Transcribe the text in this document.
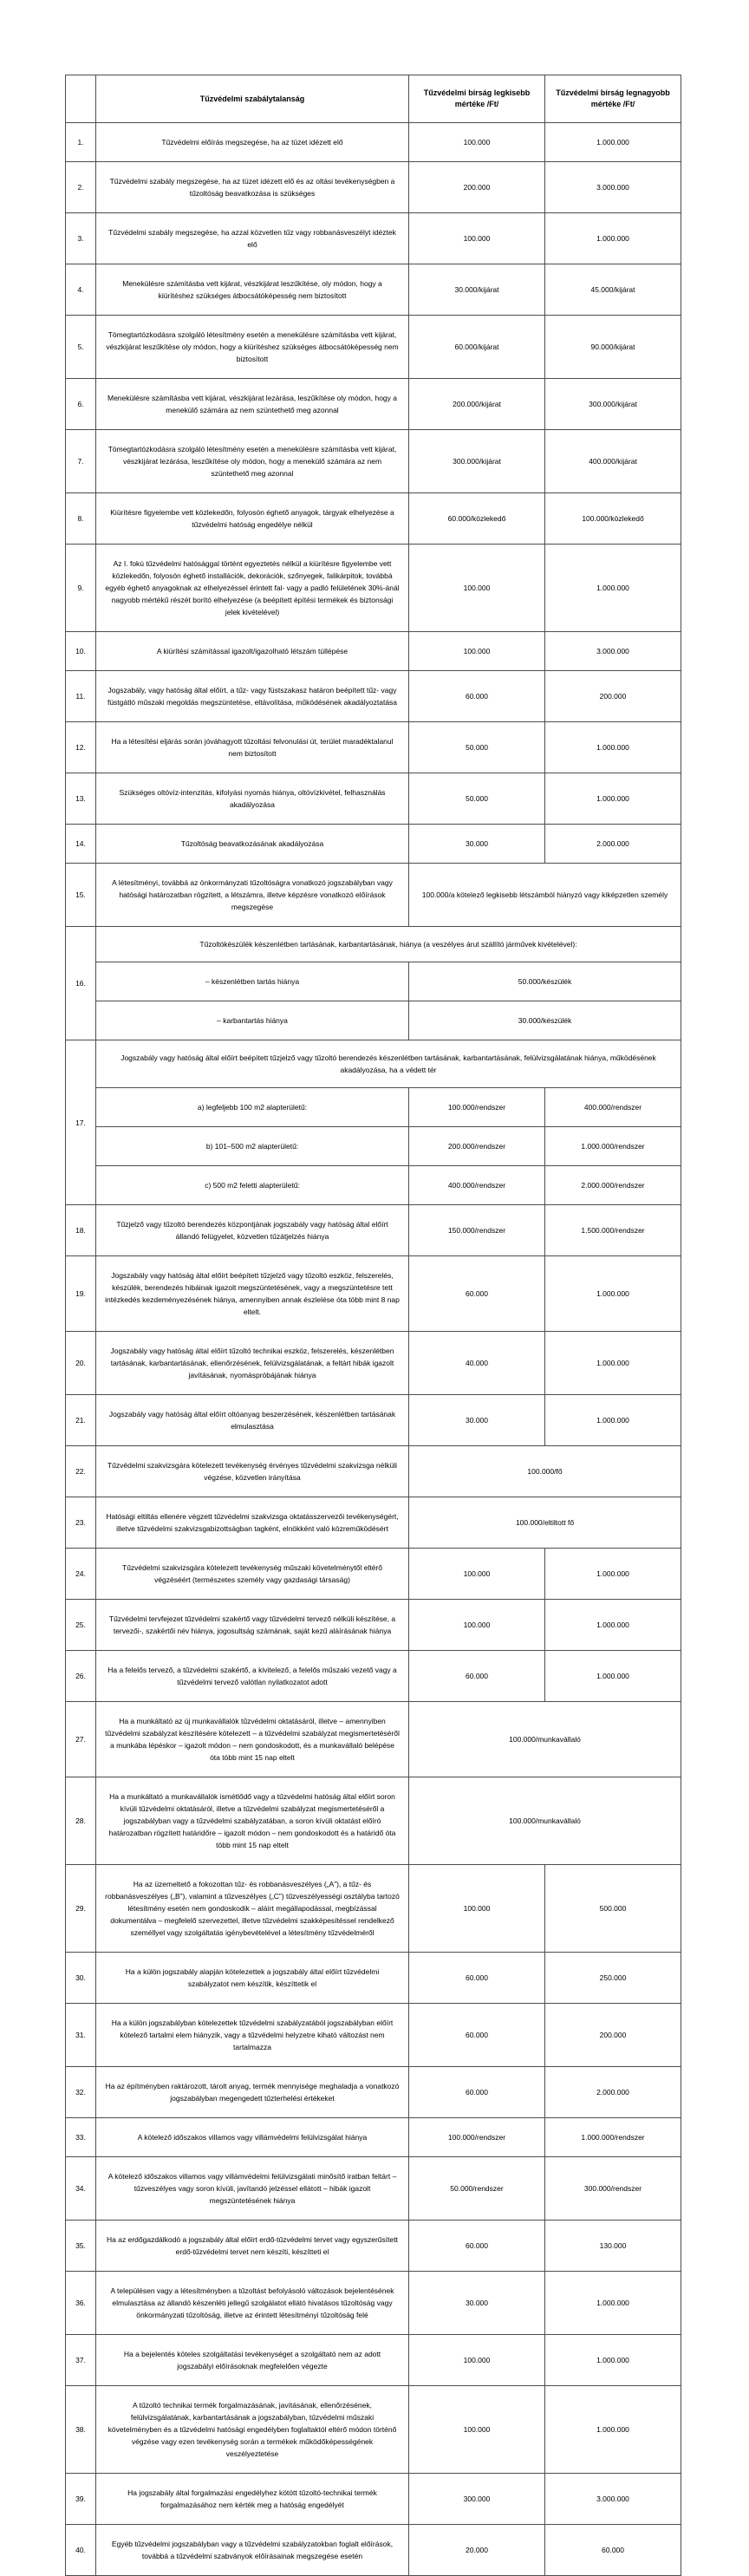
	Tűzvédelmi szabálytalanság	Tűzvédelmi bírság legkisebb mértéke /Ft/	Tűzvédelmi bírság legnagyobb mértéke /Ft/
1.	Tűzvédelmi előírás megszegése, ha az tüzet idézett elő	100.000	1.000.000
2.	Tűzvédelmi szabály megszegése, ha az tüzet idézett elő és az oltási tevékenységben a tűzoltóság beavatkozása is szükséges	200.000	3.000.000
3.	Tűzvédelmi szabály megszegése, ha azzal közvetlen tűz vagy robbanásveszélyt idéztek elő	100.000	1.000.000
4.	Menekülésre számításba vett kijárat, vészkijárat leszűkítése, oly módon, hogy a kiürítéshez szükséges átbocsátóképesség nem biztosított	30.000/kijárat	45.000/kijárat
5.	Tömegtartózkodásra szolgáló létesítmény esetén a menekülésre számításba vett kijárat, vészkijárat leszűkítése oly módon, hogy a kiürítéshez szükséges átbocsátóképesség nem biztosított	60.000/kijárat	90.000/kijárat
6.	Menekülésre számításba vett kijárat, vészkijárat lezárása, leszűkítése oly módon, hogy a menekülő számára az nem szüntethető meg azonnal	200.000/kijárat	300.000/kijárat
7.	Tömegtartózkodásra szolgáló létesítmény esetén a menekülésre számításba vett kijárat, vészkijárat lezárása, leszűkítése oly módon, hogy a menekülő számára az nem szüntethető meg azonnal	300.000/kijárat	400.000/kijárat
8.	Kiürítésre figyelembe vett közlekedőn, folyosón éghető anyagok, tárgyak elhelyezése a tűzvédelmi hatóság engedélye nélkül	60.000/közlekedő	100.000/közlekedő
9.	Az I. fokú tűzvédelmi hatósággal történt egyeztetés nélkül a kiürítésre figyelembe vett közlekedőn, folyosón éghető installációk, dekorációk, szőnyegek, falikárpitok, továbbá egyéb éghető anyagoknak az elhelyezéssel érintett fal- vagy a padló felületének 30%-ánál nagyobb mértékű részét borító elhelyezése (a beépített építési termékek és biztonsági jelek kivételével)	100.000	1.000.000
10.	A kiürítési számítással igazolt/igazolható létszám túllépése	100.000	3.000.000
11.	Jogszabály, vagy hatóság által előírt, a tűz- vagy füstszakasz határon beépített tűz- vagy füstgátló műszaki megoldás megszüntetése, eltávolítása, működésének akadályoztatása	60.000	200.000
12.	Ha a létesítési eljárás során jóváhagyott tűzoltási felvonulási út, terület maradéktalanul nem biztosított	50.000	1.000.000
13.	Szükséges oltóvíz-intenzitás, kifolyási nyomás hiánya, oltóvízkivétel, felhasználás akadályozása	50.000	1.000.000
14.	Tűzoltóság beavatkozásának akadályozása	30.000	2.000.000
15.	A létesítményi, továbbá az önkormányzati tűzoltóságra vonatkozó jogszabályban vagy hatósági határozatban rögzített, a létszámra, illetve képzésre vonatkozó előírások megszegése	100.000/a kötelező legkisebb létszámból hiányzó vagy kiképzetlen személy	
16.	Tűzoltókészülék készenlétben tartásának, karbantartásának, hiánya (a veszélyes árut szállító járművek kivételével):		
	– készenlétben tartás hiánya	50.000/készülék	
	– karbantartás hiánya	30.000/készülék	
17.	Jogszabály vagy hatóság által előírt beépített tűzjelző vagy tűzoltó berendezés készenlétben tartásának, karbantartásának, felülvizsgálatának hiánya, működésének akadályozása, ha a védett tér		
	a) legfeljebb 100 m2 alapterületű:	100.000/rendszer	400.000/rendszer
	b) 101–500 m2 alapterületű:	200.000/rendszer	1.000.000/rendszer
	c) 500 m2 feletti alapterületű:	400.000/rendszer	2.000.000/rendszer
18.	Tűzjelző vagy tűzoltó berendezés központjának jogszabály vagy hatóság által előírt állandó felügyelet, közvetlen tűzátjelzés hiánya	150.000/rendszer	1.500.000/rendszer
19.	Jogszabály vagy hatóság által előírt beépített tűzjelző vagy tűzoltó eszköz, felszerelés, készülék, berendezés hibáinak igazolt megszüntetésének, vagy a megszüntetésre tett intézkedés kezdeményezésének hiánya, amennyiben annak észlelése óta több mint 8 nap eltelt.	60.000	1.000.000
20.	Jogszabály vagy hatóság által előírt tűzoltó technikai eszköz, felszerelés, készenlétben tartásának, karbantartásának, ellenőrzésének, felülvizsgálatának, a feltárt hibák igazolt javításának, nyomáspróbájának hiánya	40.000	1.000.000
21.	Jogszabály vagy hatóság által előírt oltóanyag beszerzésének, készenlétben tartásának elmulasztása	30.000	1.000.000
22.	Tűzvédelmi szakvizsgára kötelezett tevékenység érvényes tűzvédelmi szakvizsga nélküli végzése, közvetlen irányítása	100.000/fő	
23.	Hatósági eltiltás ellenére végzett tűzvédelmi szakvizsga oktatásszervezői tevékenységért, illetve tűzvédelmi szakvizsgabizottságban tagként, elnökként való közreműködésért	100.000/eltiltott fő	
24.	Tűzvédelmi szakvizsgára kötelezett tevékenység műszaki követelménytől eltérő végzéséért (természetes személy vagy gazdasági társaság)	100.000	1.000.000
25.	Tűzvédelmi tervfejezet tűzvédelmi szakértő vagy tűzvédelmi tervező nélküli készítése, a tervezői-, szakértői név hiánya, jogosultság számának, saját kezű aláírásának hiánya	100.000	1.000.000
26.	Ha a felelős tervező, a tűzvédelmi szakértő, a kivitelező, a felelős műszaki vezető vagy a tűzvédelmi tervező valótlan nyilatkozatot adott	60.000	1.000.000
27.	Ha a munkáltató az új munkavállalók tűzvédelmi oktatásáról, illetve – amennyiben tűzvédelmi szabályzat készítésére kötelezett – a tűzvédelmi szabályzat megismertetéséről a munkába lépéskor – igazolt módon – nem gondoskodott, és a munkavállaló belépése óta több mint 15 nap eltelt	100.000/munkavállaló	
28.	Ha a munkáltató a munkavállalók ismétlődő vagy a tűzvédelmi hatóság által előírt soron kívüli tűzvédelmi oktatásáról, illetve a tűzvédelmi szabályzat megismertetéséről a jogszabályban vagy a tűzvédelmi szabályzatában, a soron kívüli oktatást előíró határozatban rögzített határidőre – igazolt módon – nem gondoskodott és a határidő óta több mint 15 nap eltelt	100.000/munkavállaló	
29.	Ha az üzemeltető a fokozottan tűz- és robbanásveszélyes („A”), a tűz- és robbanásveszélyes („B”), valamint a tűzveszélyes („C”) tűzveszélyességi osztályba tartozó létesítmény esetén nem gondoskodik – aláírt megállapodással, megbízással dokumentálva – megfelelő szervezettel, illetve tűzvédelmi szakképesítéssel rendelkező személlyel vagy szolgáltatás igénybevételével a létesítmény tűzvédelméről	100.000	500.000
30.	Ha a külön jogszabály alapján kötelezettek a jogszabály által előírt tűzvédelmi szabályzatot nem készítik, készíttetik el	60.000	250.000
31.	Ha a külön jogszabályban kötelezettek tűzvédelmi szabályzatából jogszabályban előírt kötelező tartalmi elem hiányzik, vagy a tűzvédelmi helyzetre kiható változást nem tartalmazza	60.000	200.000
32.	Ha az építményben raktározott, tárolt anyag, termék mennyisége meghaladja a vonatkozó jogszabályban megengedett tűzterhelési értékeket	60.000	2.000.000
33.	A kötelező időszakos villamos vagy villámvédelmi felülvizsgálat hiánya	100.000/rendszer	1.000.000/rendszer
34.	A kötelező időszakos villamos vagy villámvédelmi felülvizsgálati minősítő iratban feltárt – tűzveszélyes vagy soron kívüli, javítandó jelzéssel ellátott – hibák igazolt megszüntetésének hiánya	50.000/rendszer	300.000/rendszer
35.	Ha az erdőgazdálkodó a jogszabály által előírt erdő-tűzvédelmi tervet vagy egyszerűsített erdő-tűzvédelmi tervet nem készíti, készítteti el	60.000	130.000
36.	A településen vagy a létesítményben a tűzoltást befolyásoló változások bejelentésének elmulasztása az állandó készenléti jellegű szolgálatot ellátó hivatásos tűzoltóság vagy önkormányzati tűzoltóság, illetve az érintett létesítményi tűzoltóság felé	30.000	1.000.000
37.	Ha a bejelentés köteles szolgáltatási tevékenységet a szolgáltató nem az adott jogszabályi előírásoknak megfelelően végezte	100.000	1.000.000
38.	A tűzoltó technikai termék forgalmazásának, javításának, ellenőrzésének, felülvizsgálatának, karbantartásának a jogszabályban, tűzvédelmi műszaki követelményben és a tűzvédelmi hatósági engedélyben foglaltaktól eltérő módon történő végzése vagy ezen tevékenység során a termékek működőképességének veszélyeztetése	100.000	1.000.000
39.	Ha jogszabály által forgalmazási engedélyhez kötött tűzoltó-technikai termék forgalmazásához nem kérték meg a hatóság engedélyét	300.000	3.000.000
40.	Egyéb tűzvédelmi jogszabályban vagy a tűzvédelmi szabályzatokban foglalt előírások, továbbá a tűzvédelmi szabványok előírásainak megszegése esetén	20.000	60.000
